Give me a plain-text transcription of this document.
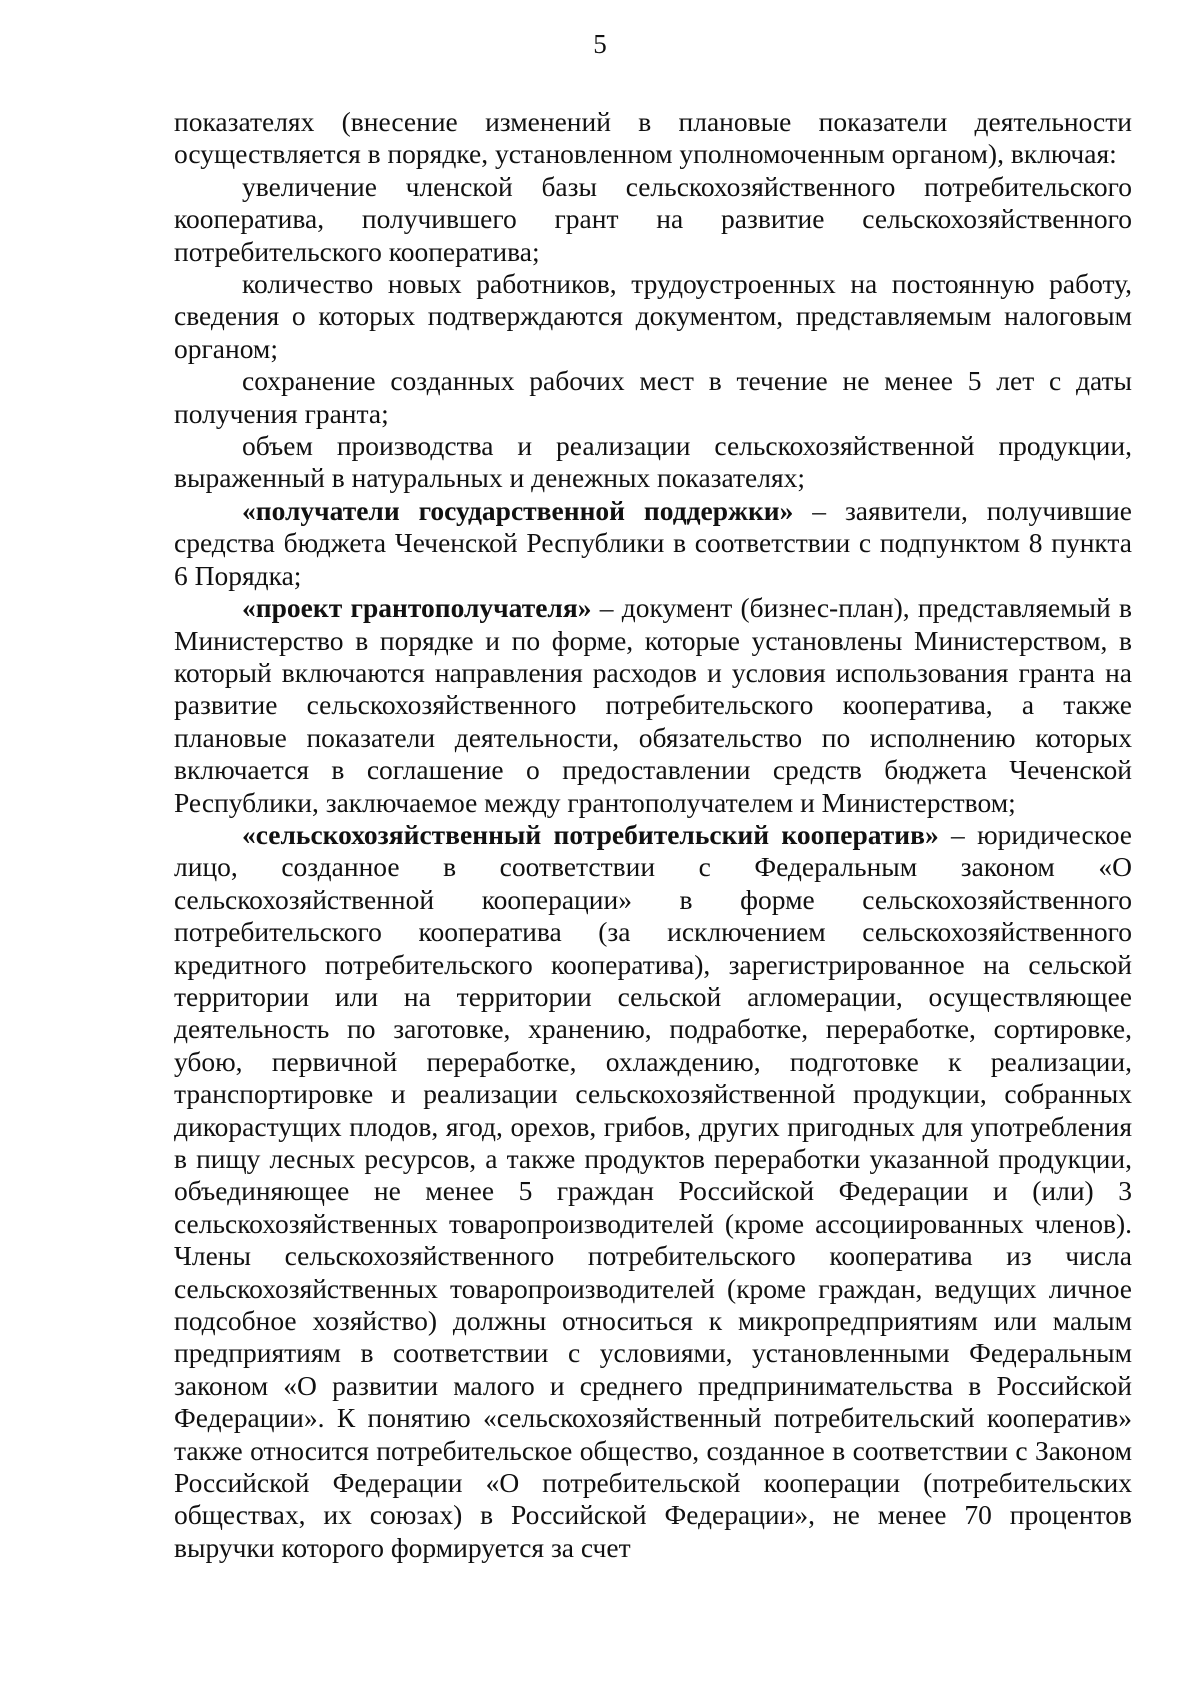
5

показателях (внесение изменений в плановые показатели деятельности осуществляется в порядке, установленном уполномоченным органом), включая:

увеличение членской базы сельскохозяйственного потребительского кооператива, получившего грант на развитие сельскохозяйственного потребительского кооператива;

количество новых работников, трудоустроенных на постоянную работу, сведения о которых подтверждаются документом, представляемым налоговым органом;

сохранение созданных рабочих мест в течение не менее 5 лет с даты получения гранта;

объем производства и реализации сельскохозяйственной продукции, выраженный в натуральных и денежных показателях;

«получатели государственной поддержки» – заявители, получившие средства бюджета Чеченской Республики в соответствии с подпунктом 8 пункта 6 Порядка;

«проект грантополучателя» – документ (бизнес-план), представляемый в Министерство в порядке и по форме, которые установлены Министерством, в который включаются направления расходов и условия использования гранта на развитие сельскохозяйственного потребительского кооператива, а также плановые показатели деятельности, обязательство по исполнению которых включается в соглашение о предоставлении средств бюджета Чеченской Республики, заключаемое между грантополучателем и Министерством;

«сельскохозяйственный потребительский кооператив» – юридическое лицо, созданное в соответствии с Федеральным законом «О сельскохозяйственной кооперации» в форме сельскохозяйственного потребительского кооператива (за исключением сельскохозяйственного кредитного потребительского кооператива), зарегистрированное на сельской территории или на территории сельской агломерации, осуществляющее деятельность по заготовке, хранению, подработке, переработке, сортировке, убою, первичной переработке, охлаждению, подготовке к реализации, транспортировке и реализации сельскохозяйственной продукции, собранных дикорастущих плодов, ягод, орехов, грибов, других пригодных для употребления в пищу лесных ресурсов, а также продуктов переработки указанной продукции, объединяющее не менее 5 граждан Российской Федерации и (или) 3 сельскохозяйственных товаропроизводителей (кроме ассоциированных членов). Члены сельскохозяйственного потребительского кооператива из числа сельскохозяйственных товаропроизводителей (кроме граждан, ведущих личное подсобное хозяйство) должны относиться к микропредприятиям или малым предприятиям в соответствии с условиями, установленными Федеральным законом «О развитии малого и среднего предпринимательства в Российской Федерации». К понятию «сельскохозяйственный потребительский кооператив» также относится потребительское общество, созданное в соответствии с Законом Российской Федерации «О потребительской кооперации (потребительских обществах, их союзах) в Российской Федерации», не менее 70 процентов выручки которого формируется за счет
